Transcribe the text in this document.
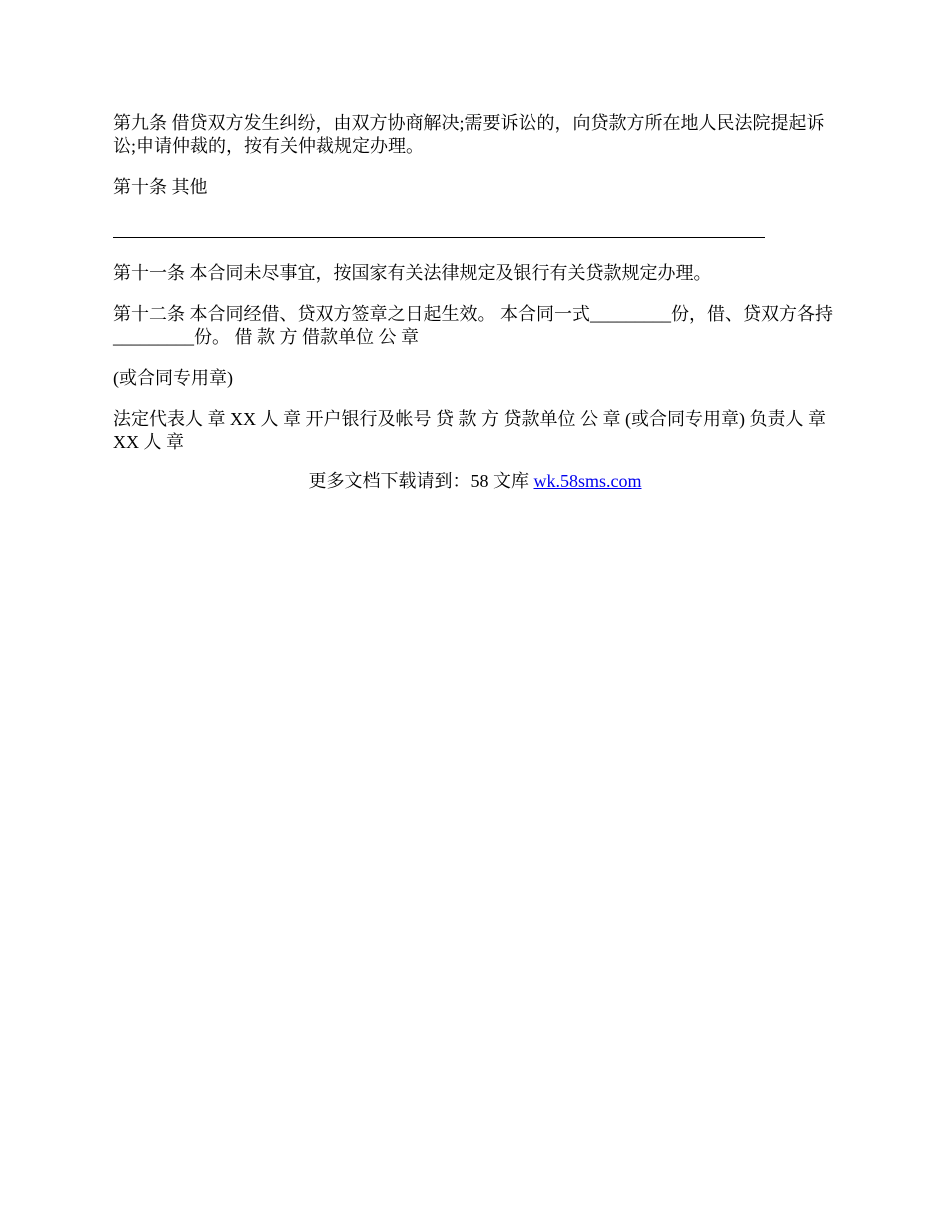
第九条 借贷双方发生纠纷，由双方协商解决;需要诉讼的，向贷款方所在地人民法院提起诉讼;申请仲裁的，按有关仲裁规定办理。

第十条 其他

第十一条 本合同未尽事宜，按国家有关法律规定及银行有关贷款规定办理。

第十二条 本合同经借、贷双方签章之日起生效。 本合同一式_________份，借、贷双方各持_________份。 借 款 方 借款单位 公 章

(或合同专用章)

法定代表人 章 XX 人 章 开户银行及帐号 贷 款 方 贷款单位 公 章 (或合同专用章) 负责人 章 XX 人 章

更多文档下载请到：58 文库 wk.58sms.com
